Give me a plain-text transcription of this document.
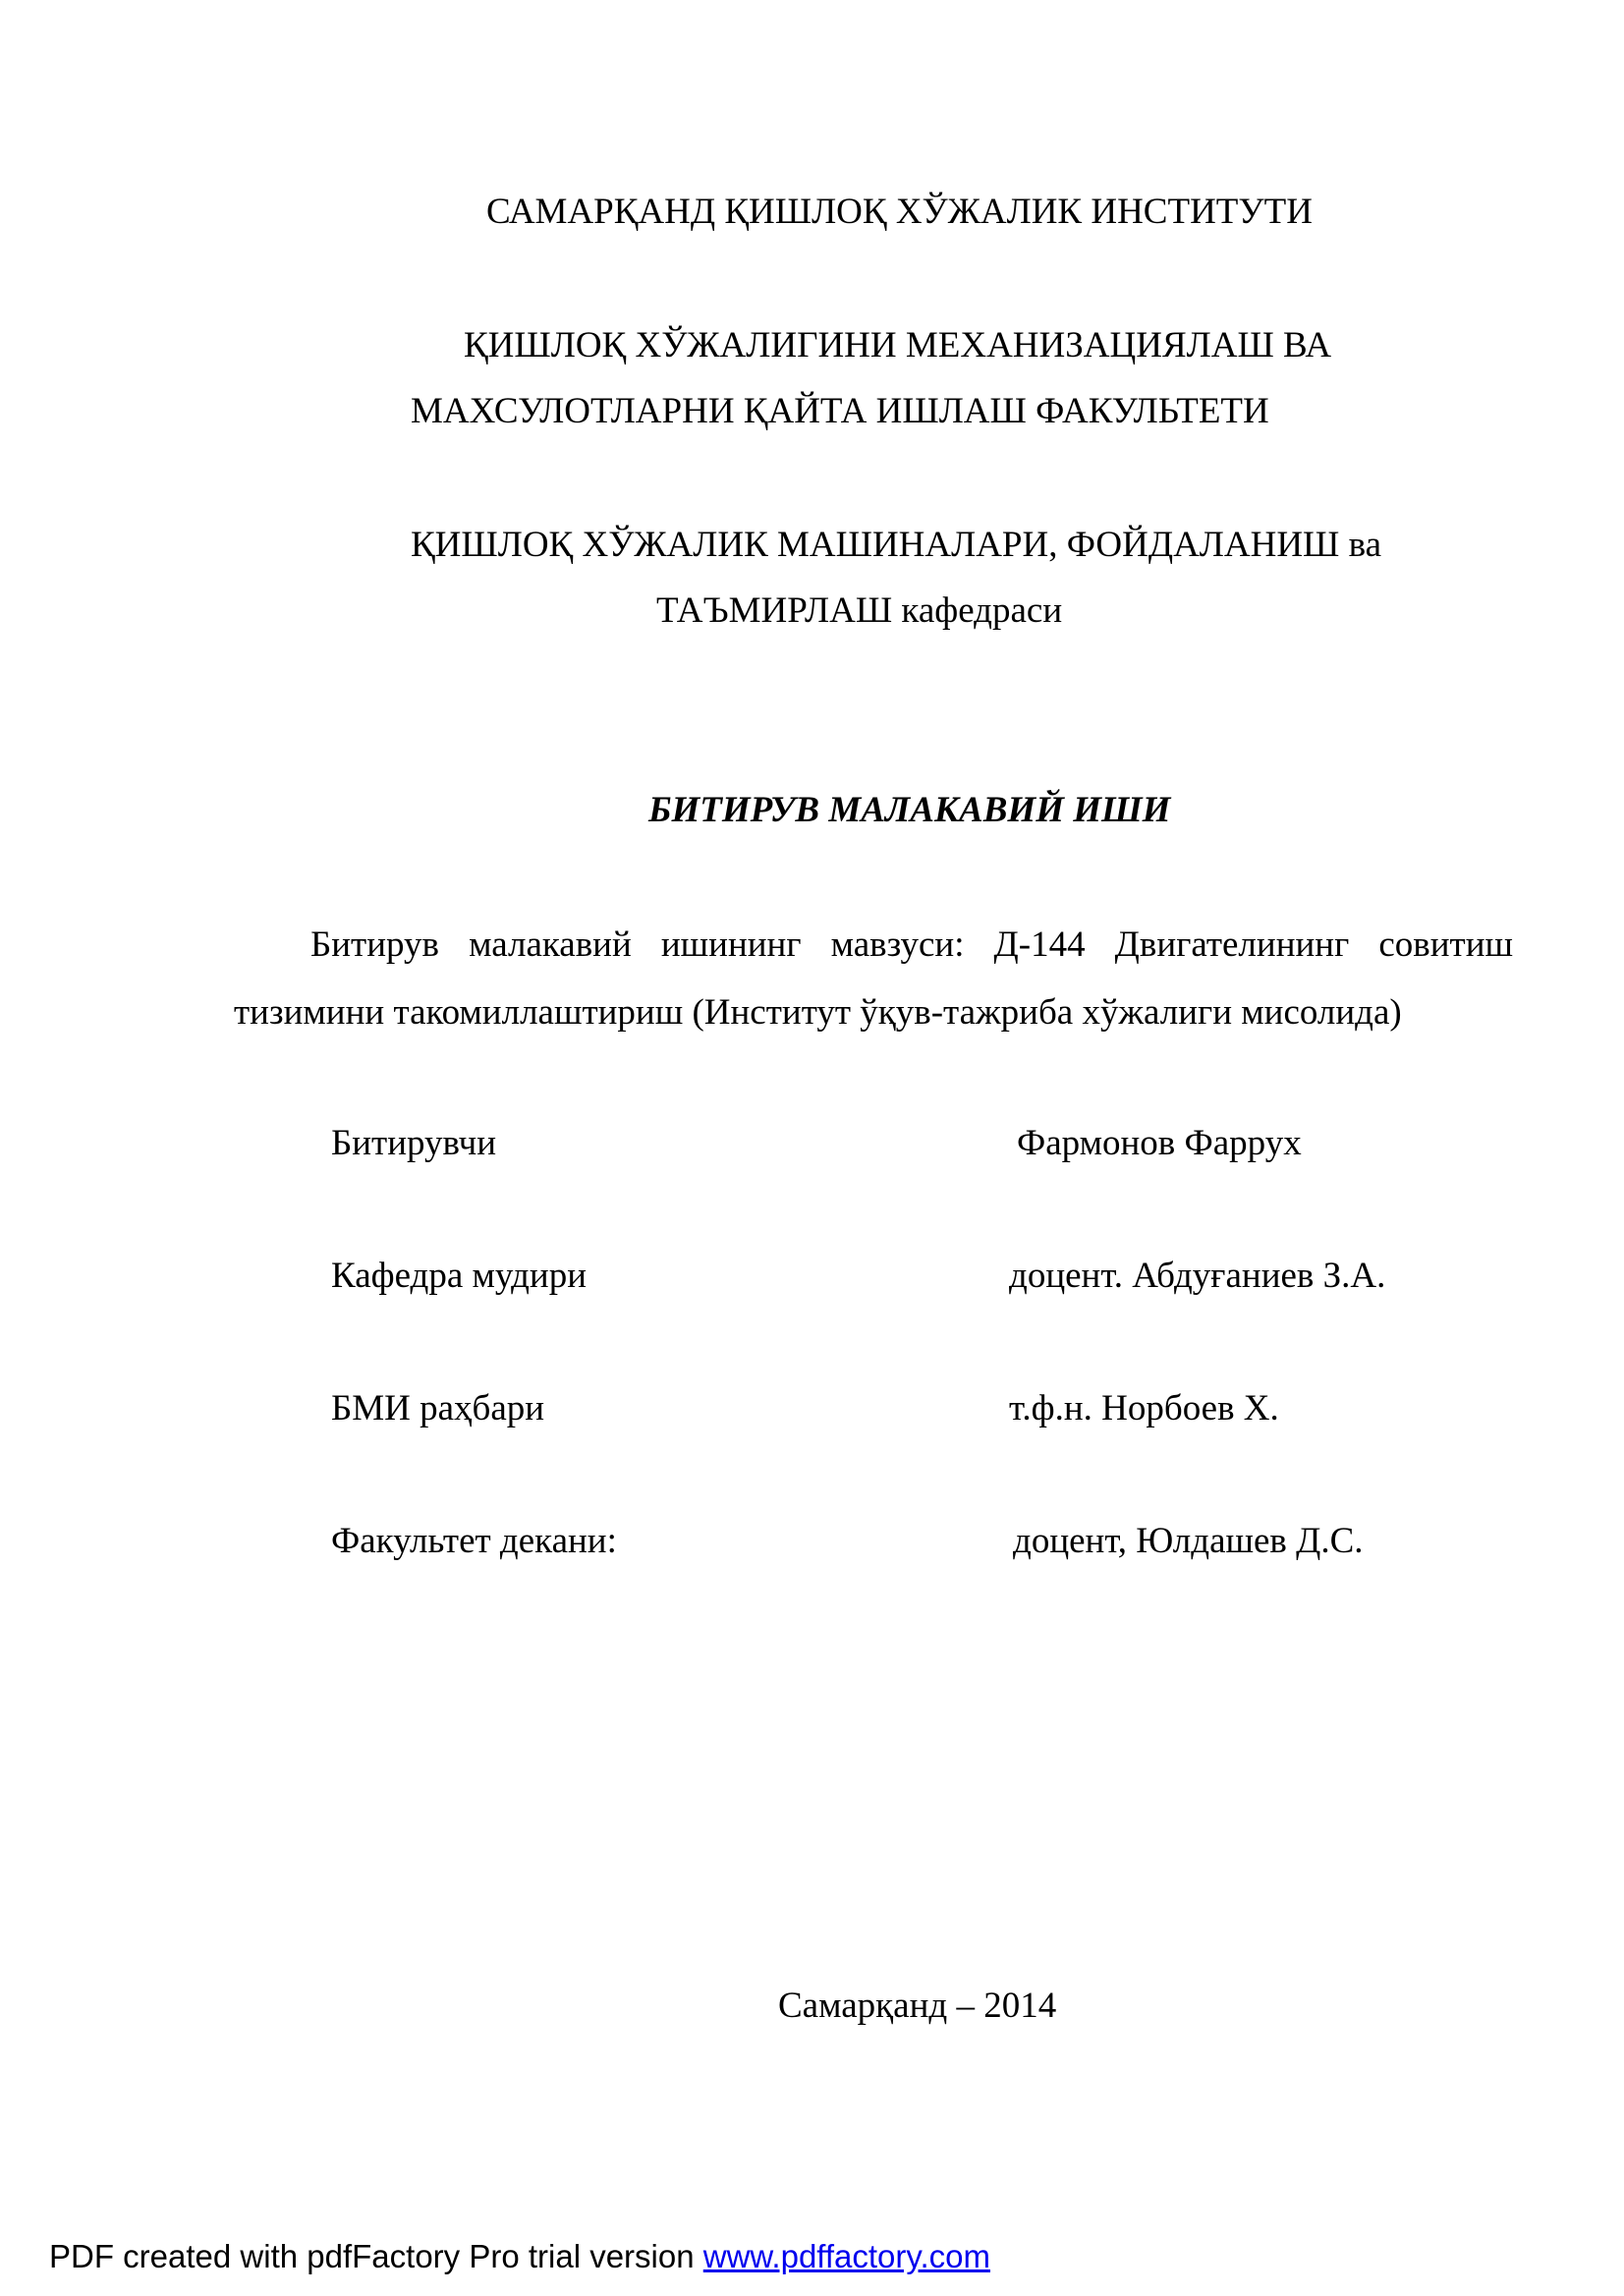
САМАРҚАНД ҚИШЛОҚ ХЎЖАЛИК ИНСТИТУТИ
ҚИШЛОҚ ХЎЖАЛИГИНИ МЕХАНИЗАЦИЯЛАШ ВА
МАХСУЛОТЛАРНИ ҚАЙТА ИШЛАШ ФАКУЛЬТЕТИ
ҚИШЛОҚ ХЎЖАЛИК МАШИНАЛАРИ, ФОЙДАЛАНИШ ва
ТАЪМИРЛАШ кафедраси
БИТИРУВ МАЛАКАВИЙ ИШИ
Битирув малакавий ишининг мавзуси: Д-144 Двигателининг совитиш
тизимини такомиллаштириш (Институт ўқув-тажриба хўжалиги мисолида)
Битирувчи	Фармонов Фаррух
Кафедра мудири	доцент. Абдуғаниев З.А.
БМИ раҳбари	т.ф.н. Норбоев Х.
Факультет декани:	доцент, Юлдашев Д.С.
Самарқанд – 2014
PDF created with pdfFactory Pro trial version www.pdffactory.com
